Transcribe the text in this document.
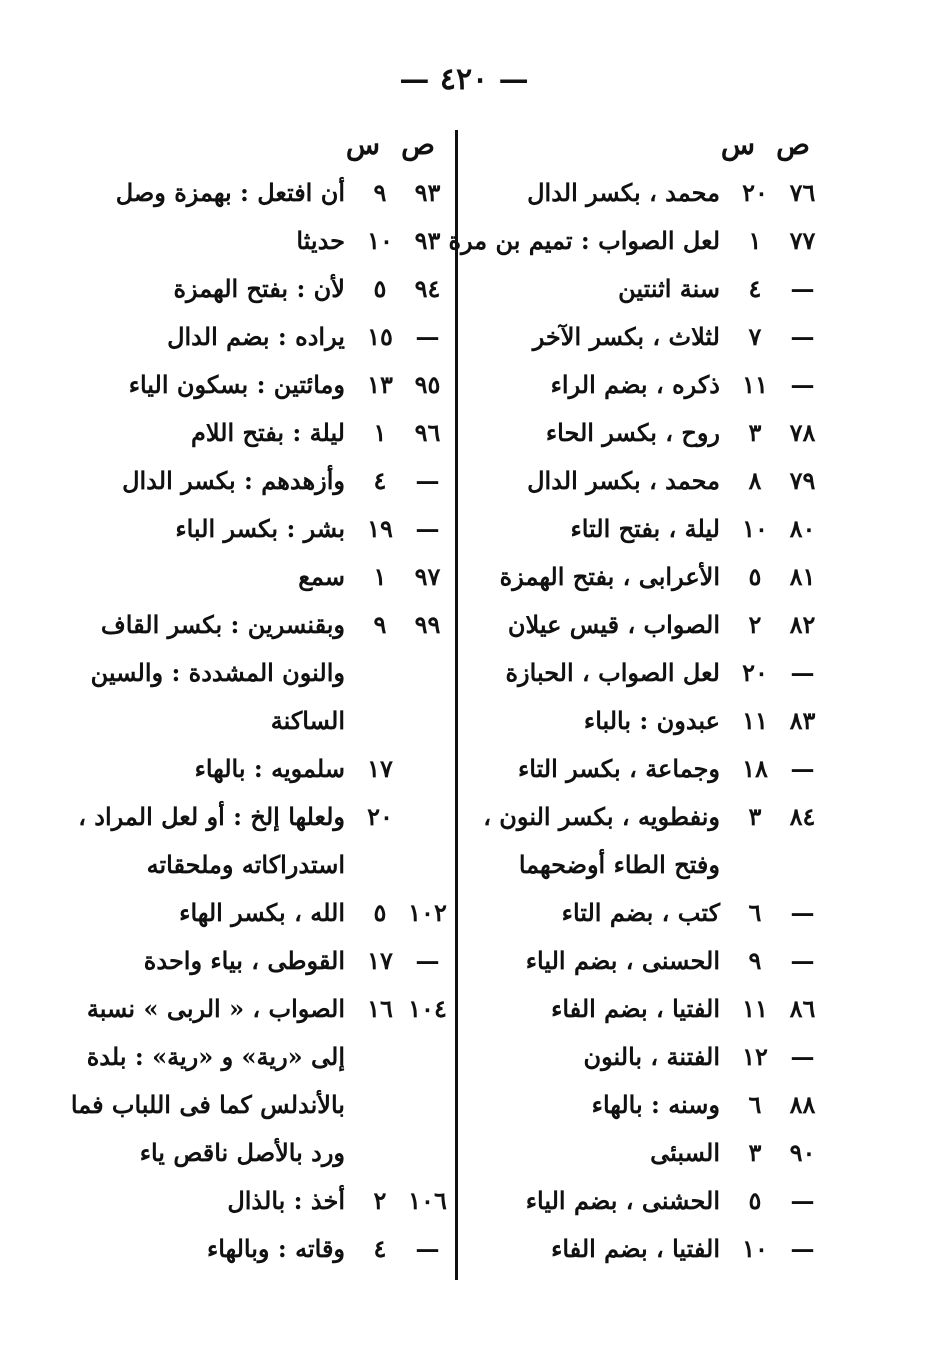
— ٤٢٠ —
ص
س
٧٦
٢٠
محمد ، بكسر الدال
٧٧
١
لعل الصواب : تميم بن مرة
—
٤
سنة اثنتين
—
٧
لثلاث ، بكسر الآخر
—
١١
ذكره ، بضم الراء
٧٨
٣
روح ، بكسر الحاء
٧٩
٨
محمد ، بكسر الدال
٨٠
١٠
ليلة ، بفتح التاء
٨١
٥
الأعرابى ، بفتح الهمزة
٨٢
٢
الصواب ، قيس عيلان
—
٢٠
لعل الصواب ، الحبازة
٨٣
١١
عبدون : بالباء
—
١٨
وجماعة ، بكسر التاء
٨٤
٣
ونفطويه ، بكسر النون ،
وفتح الطاء أوضحهما
—
٦
كتب ، بضم التاء
—
٩
الحسنى ، بضم الياء
٨٦
١١
الفتيا ، بضم الفاء
—
١٢
الفتنة ، بالنون
٨٨
٦
وسنه : بالهاء
٩٠
٣
السبئى
—
٥
الحشنى ، بضم الياء
—
١٠
الفتيا ، بضم الفاء
ص
س
٩٣
٩
أن افتعل : بهمزة وصل
٩٣
١٠
حديثا
٩٤
٥
لأن : بفتح الهمزة
—
١٥
يراده : بضم الدال
٩٥
١٣
ومائتين : بسكون الياء
٩٦
١
ليلة : بفتح اللام
—
٤
وأزهدهم : بكسر الدال
—
١٩
بشر : بكسر الباء
٩٧
١
سمع
٩٩
٩
وبقنسرين : بكسر القاف
والنون المشددة : والسين
الساكنة
١٧
سلمويه : بالهاء
٢٠
ولعلها إلخ : أو لعل المراد ،
استدراكاته وملحقاته
١٠٢
٥
الله ، بكسر الهاء
—
١٧
القوطى ، بياء واحدة
١٠٤
١٦
الصواب ، « الربى » نسبة
إلى «رية» و «رية» : بلدة
بالأندلس كما فى اللباب فما
ورد بالأصل ناقص ياء
١٠٦
٢
أخذ : بالذال
—
٤
وقاته : وبالهاء
